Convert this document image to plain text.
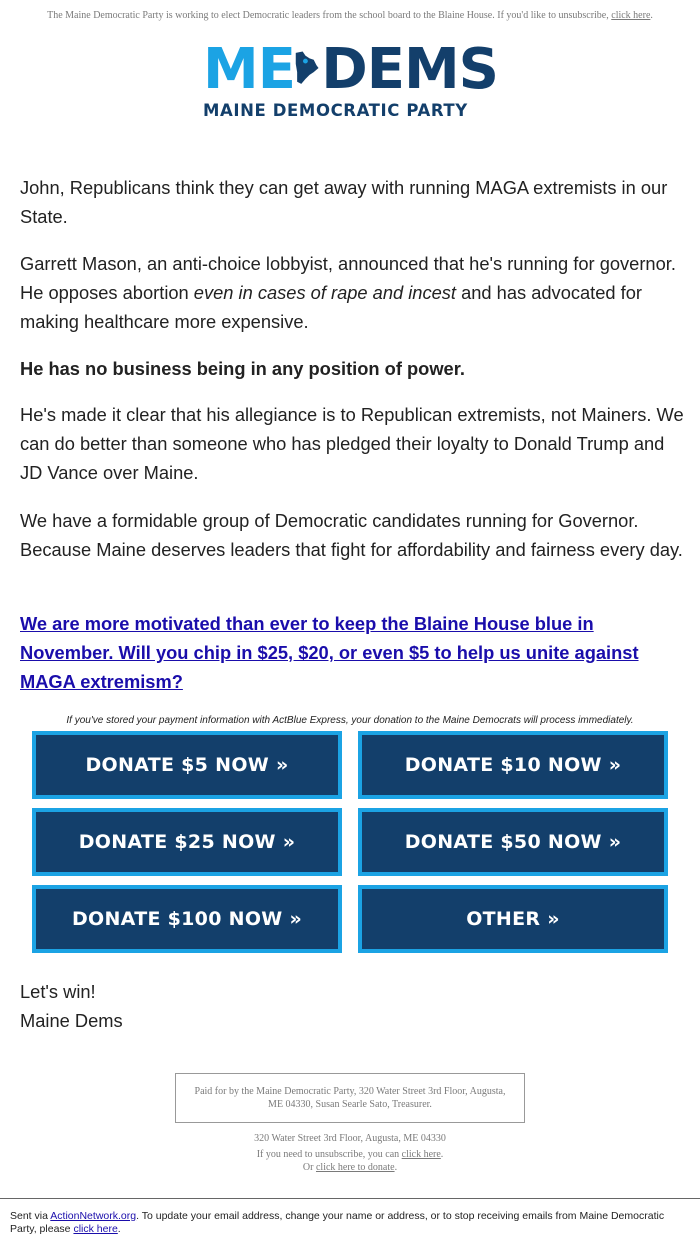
The Maine Democratic Party is working to elect Democratic leaders from the school board to the Blaine House. If you'd like to unsubscribe, click here.
ME DEMS
MAINE DEMOCRATIC PARTY

John, Republicans think they can get away with running MAGA extremists in our State.

Garrett Mason, an anti-choice lobbyist, announced that he's running for governor. He opposes abortion even in cases of rape and incest and has advocated for making healthcare more expensive.

He has no business being in any position of power.

He's made it clear that his allegiance is to Republican extremists, not Mainers. We can do better than someone who has pledged their loyalty to Donald Trump and JD Vance over Maine.

We have a formidable group of Democratic candidates running for Governor. Because Maine deserves leaders that fight for affordability and fairness every day.

We are more motivated than ever to keep the Blaine House blue in November. Will you chip in $25, $20, or even $5 to help us unite against MAGA extremism?
If you've stored your payment information with ActBlue Express, your donation to the Maine Democrats will process immediately.
DONATE $5 NOW »	DONATE $10 NOW »
DONATE $25 NOW »	DONATE $50 NOW »
DONATE $100 NOW »	OTHER »
Let's win!
Maine Dems
Paid for by the Maine Democratic Party, 320 Water Street 3rd Floor, Augusta, ME 04330, Susan Searle Sato, Treasurer.
320 Water Street 3rd Floor, Augusta, ME 04330
If you need to unsubscribe, you can click here.
Or click here to donate.
Sent via ActionNetwork.org. To update your email address, change your name or address, or to stop receiving emails from Maine Democratic Party, please click here.
